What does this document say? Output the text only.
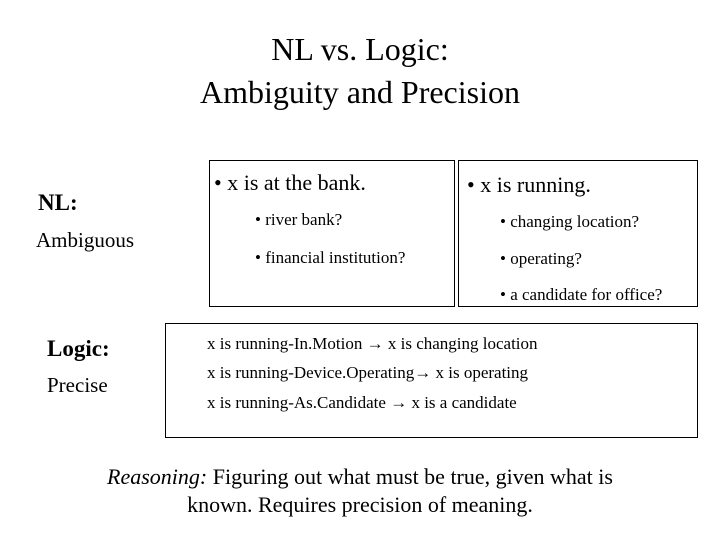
NL vs. Logic:
Ambiguity and Precision
NL:
Ambiguous
• x is at the bank.
• river bank?
• financial institution?
• x is running.
• changing location?
• operating?
• a candidate for office?
Logic:
Precise
x is running-In.Motion → x is changing location
x is running-Device.Operating→ x is operating
x is running-As.Candidate → x is a candidate
Reasoning: Figuring out what must be true, given what is
known. Requires precision of meaning.
